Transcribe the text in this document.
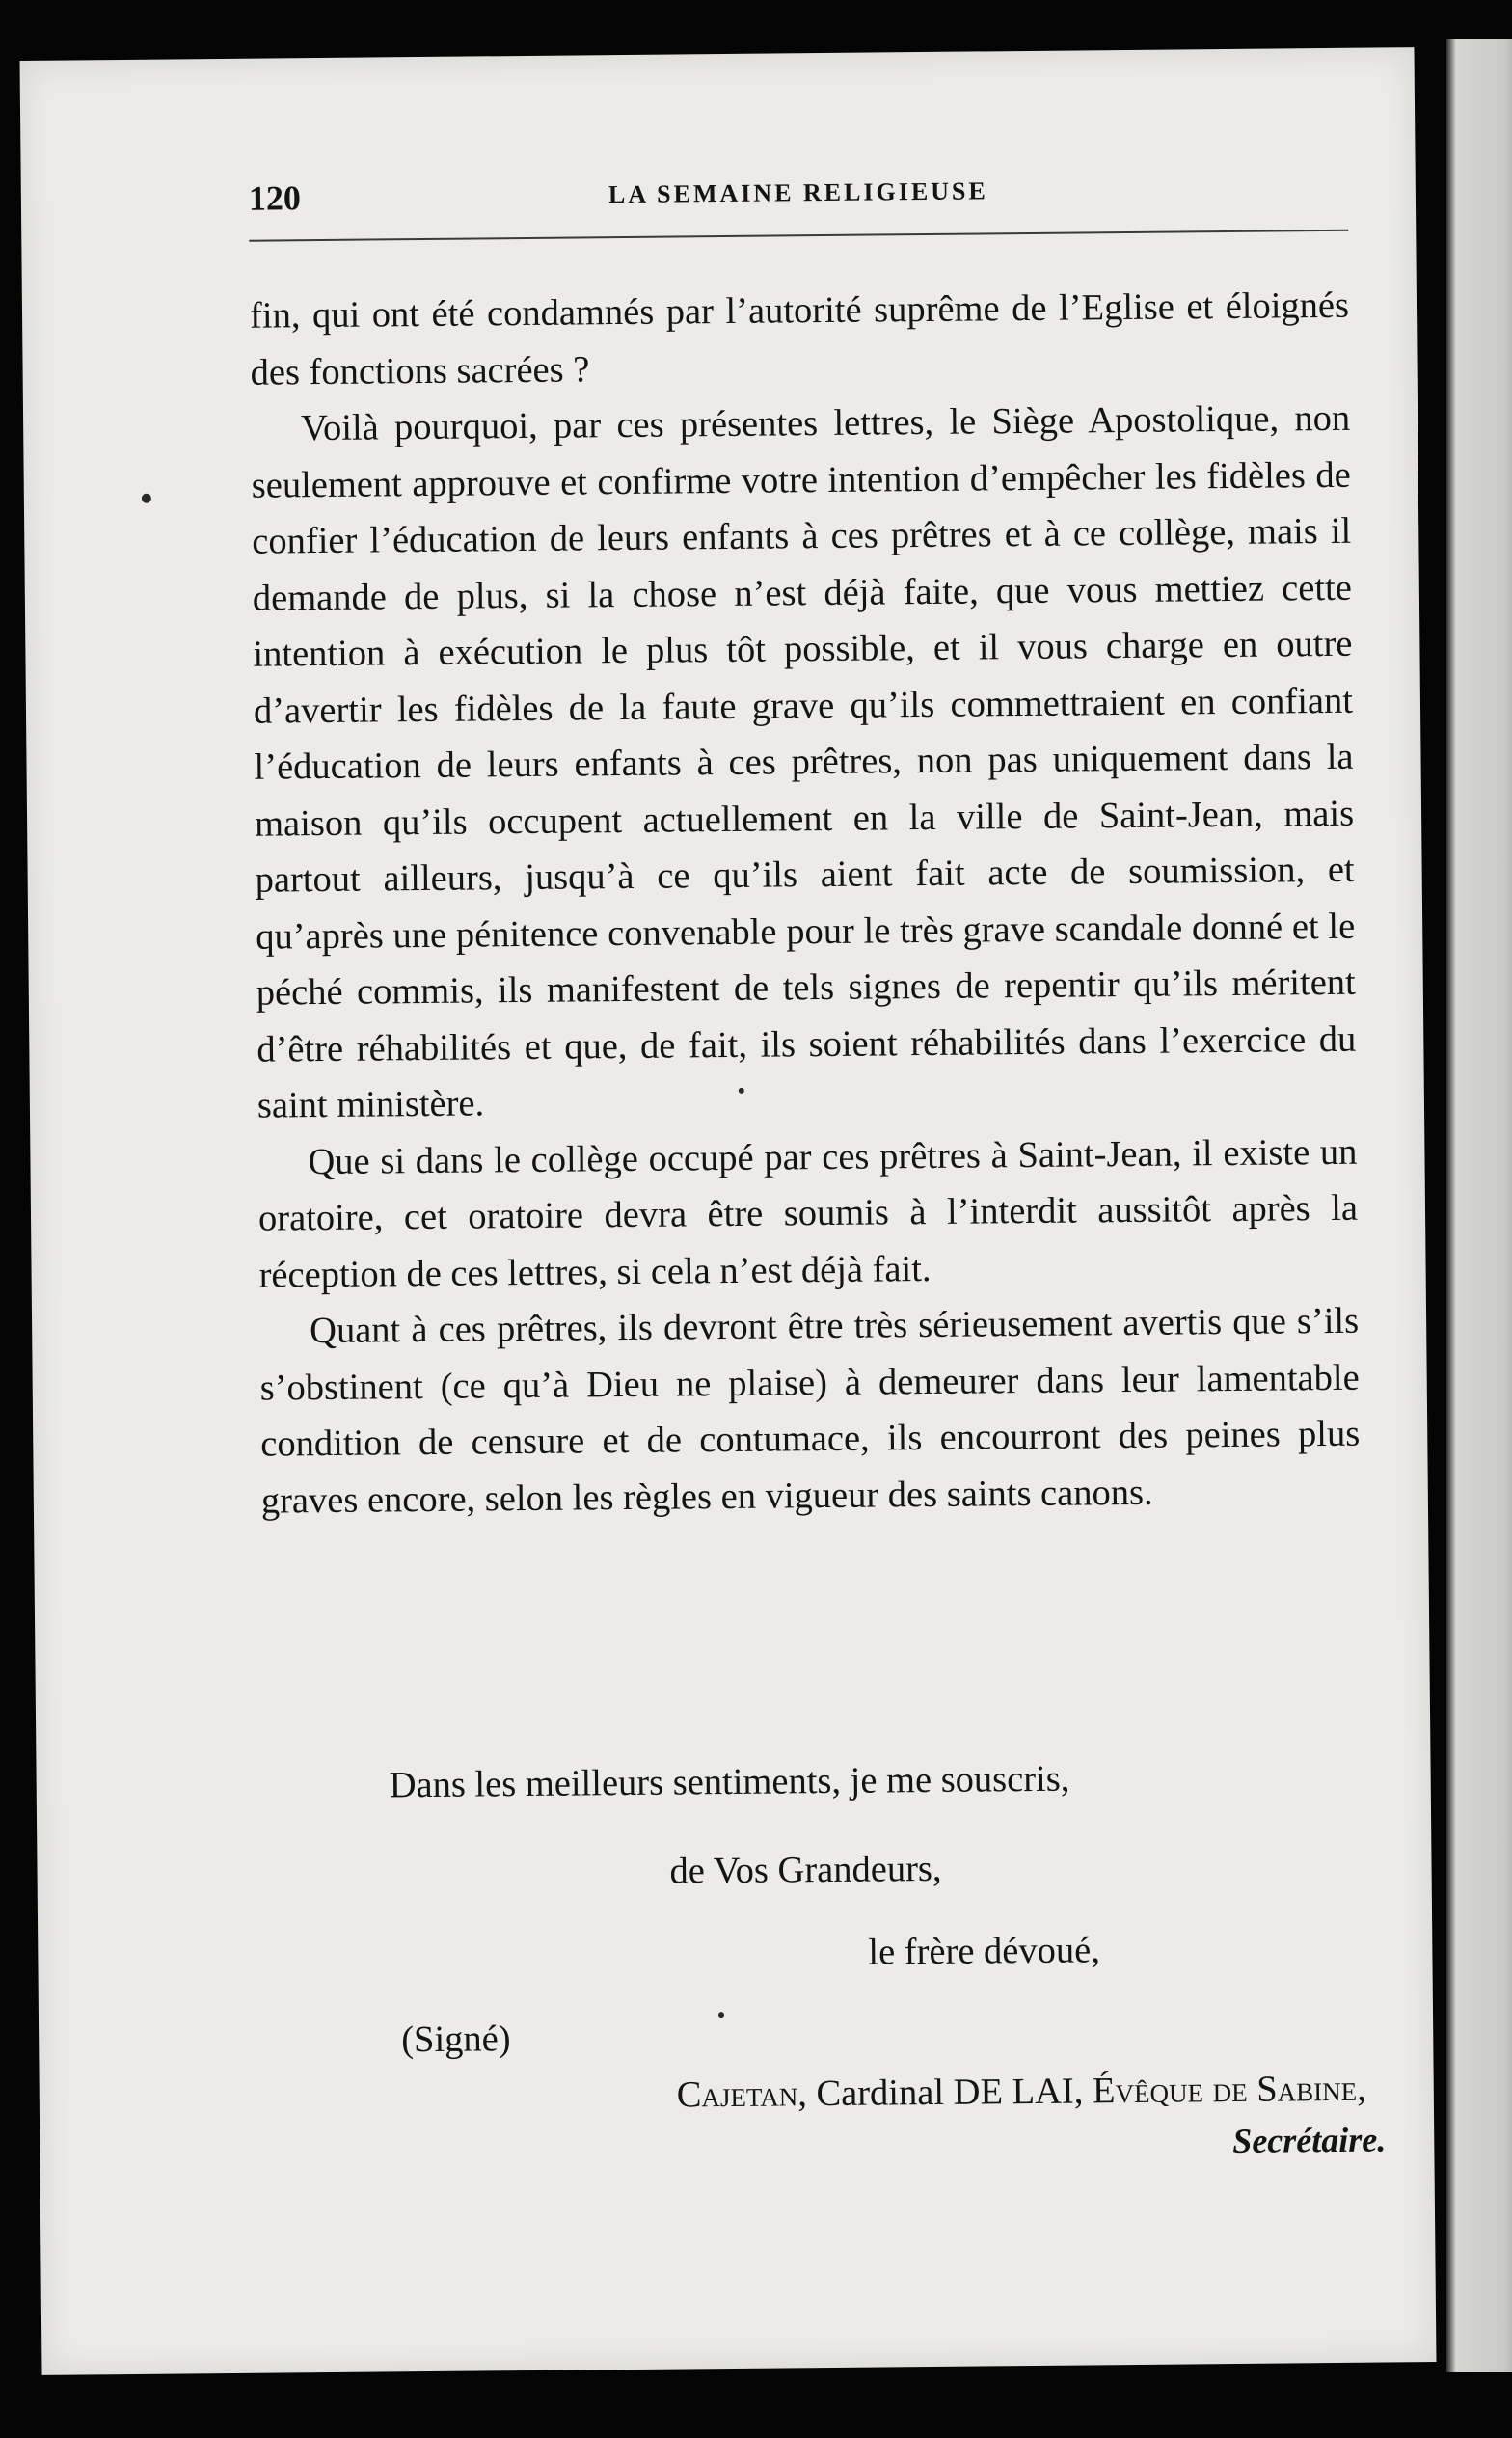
120	LA SEMAINE RELIGIEUSE

fin, qui ont été condamnés par l’autorité suprême de l’Eglise et éloignés des fonctions sacrées ?

Voilà pourquoi, par ces présentes lettres, le Siège Apostolique, non seulement approuve et confirme votre intention d’empêcher les fidèles de confier l’éducation de leurs enfants à ces prêtres et à ce collège, mais il demande de plus, si la chose n’est déjà faite, que vous mettiez cette intention à exécution le plus tôt possible, et il vous charge en outre d’avertir les fidèles de la faute grave qu’ils commettraient en confiant l’éducation de leurs enfants à ces prêtres, non pas uniquement dans la maison qu’ils occupent actuellement en la ville de Saint-Jean, mais partout ailleurs, jusqu’à ce qu’ils aient fait acte de soumission, et qu’après une pénitence convenable pour le très grave scandale donné et le péché commis, ils manifestent de tels signes de repentir qu’ils méritent d’être réhabilités et que, de fait, ils soient réhabilités dans l’exercice du saint ministère.

Que si dans le collège occupé par ces prêtres à Saint-Jean, il existe un oratoire, cet oratoire devra être soumis à l’interdit aussitôt après la réception de ces lettres, si cela n’est déjà fait.

Quant à ces prêtres, ils devront être très sérieusement avertis que s’ils s’obstinent (ce qu’à Dieu ne plaise) à demeurer dans leur lamentable condition de censure et de contumace, ils encourront des peines plus graves encore, selon les règles en vigueur des saints canons.

Dans les meilleurs sentiments, je me souscris,
de Vos Grandeurs,
le frère dévoué,
(Signé)
Cajetan, Cardinal DE LAI, Évêque de Sabine,
Secrétaire.
